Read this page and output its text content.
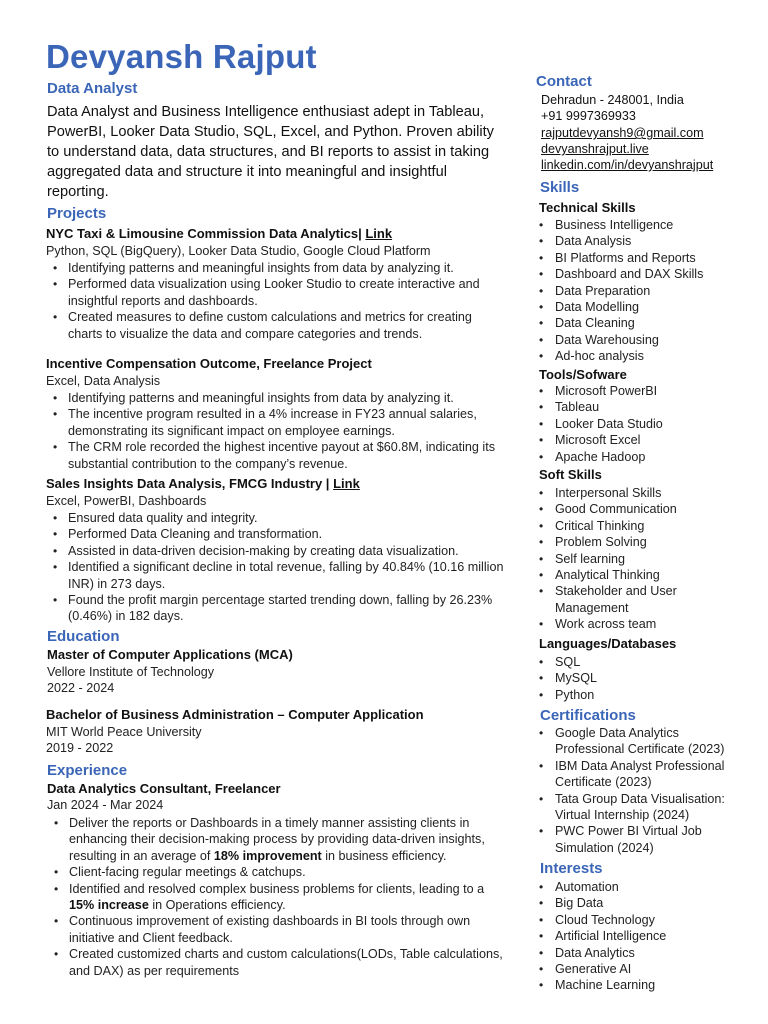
Devyansh Rajput
Data Analyst
Data Analyst and Business Intelligence enthusiast adept in Tableau, PowerBI, Looker Data Studio, SQL, Excel, and Python. Proven ability to understand data, data structures, and BI reports to assist in taking aggregated data and structure it into meaningful and insightful reporting.
Projects
NYC Taxi & Limousine Commission Data Analytics| Link
Python, SQL (BigQuery), Looker Data Studio, Google Cloud Platform
• Identifying patterns and meaningful insights from data by analyzing it.
• Performed data visualization using Looker Studio to create interactive and insightful reports and dashboards.
• Created measures to define custom calculations and metrics for creating charts to visualize the data and compare categories and trends.
Incentive Compensation Outcome, Freelance Project
Excel, Data Analysis
• Identifying patterns and meaningful insights from data by analyzing it.
• The incentive program resulted in a 4% increase in FY23 annual salaries, demonstrating its significant impact on employee earnings.
• The CRM role recorded the highest incentive payout at $60.8M, indicating its substantial contribution to the company’s revenue.
Sales Insights Data Analysis, FMCG Industry | Link
Excel, PowerBI, Dashboards
• Ensured data quality and integrity.
• Performed Data Cleaning and transformation.
• Assisted in data-driven decision-making by creating data visualization.
• Identified a significant decline in total revenue, falling by 40.84% (10.16 million INR) in 273 days.
• Found the profit margin percentage started trending down, falling by 26.23% (0.46%) in 182 days.
Education
Master of Computer Applications (MCA)
Vellore Institute of Technology
2022 - 2024
Bachelor of Business Administration – Computer Application
MIT World Peace University
2019 - 2022
Experience
Data Analytics Consultant, Freelancer
Jan 2024 - Mar 2024
• Deliver the reports or Dashboards in a timely manner assisting clients in enhancing their decision-making process by providing data-driven insights, resulting in an average of 18% improvement in business efficiency.
• Client-facing regular meetings & catchups.
• Identified and resolved complex business problems for clients, leading to a 15% increase in Operations efficiency.
• Continuous improvement of existing dashboards in BI tools through own initiative and Client feedback.
• Created customized charts and custom calculations(LODs, Table calculations, and DAX) as per requirements
Contact
Dehradun - 248001, India
+91 9997369933
rajputdevyansh9@gmail.com
devyanshrajput.live
linkedin.com/in/devyanshrajput
Skills
Technical Skills
• Business Intelligence
• Data Analysis
• BI Platforms and Reports
• Dashboard and DAX Skills
• Data Preparation
• Data Modelling
• Data Cleaning
• Data Warehousing
• Ad-hoc analysis
Tools/Sofware
• Microsoft PowerBI
• Tableau
• Looker Data Studio
• Microsoft Excel
• Apache Hadoop
Soft Skills
• Interpersonal Skills
• Good Communication
• Critical Thinking
• Problem Solving
• Self learning
• Analytical Thinking
• Stakeholder and User Management
• Work across team
Languages/Databases
• SQL
• MySQL
• Python
Certifications
• Google Data Analytics Professional Certificate (2023)
• IBM Data Analyst Professional Certificate (2023)
• Tata Group Data Visualisation: Virtual Internship (2024)
• PWC Power BI Virtual Job Simulation (2024)
Interests
• Automation
• Big Data
• Cloud Technology
• Artificial Intelligence
• Data Analytics
• Generative AI
• Machine Learning
